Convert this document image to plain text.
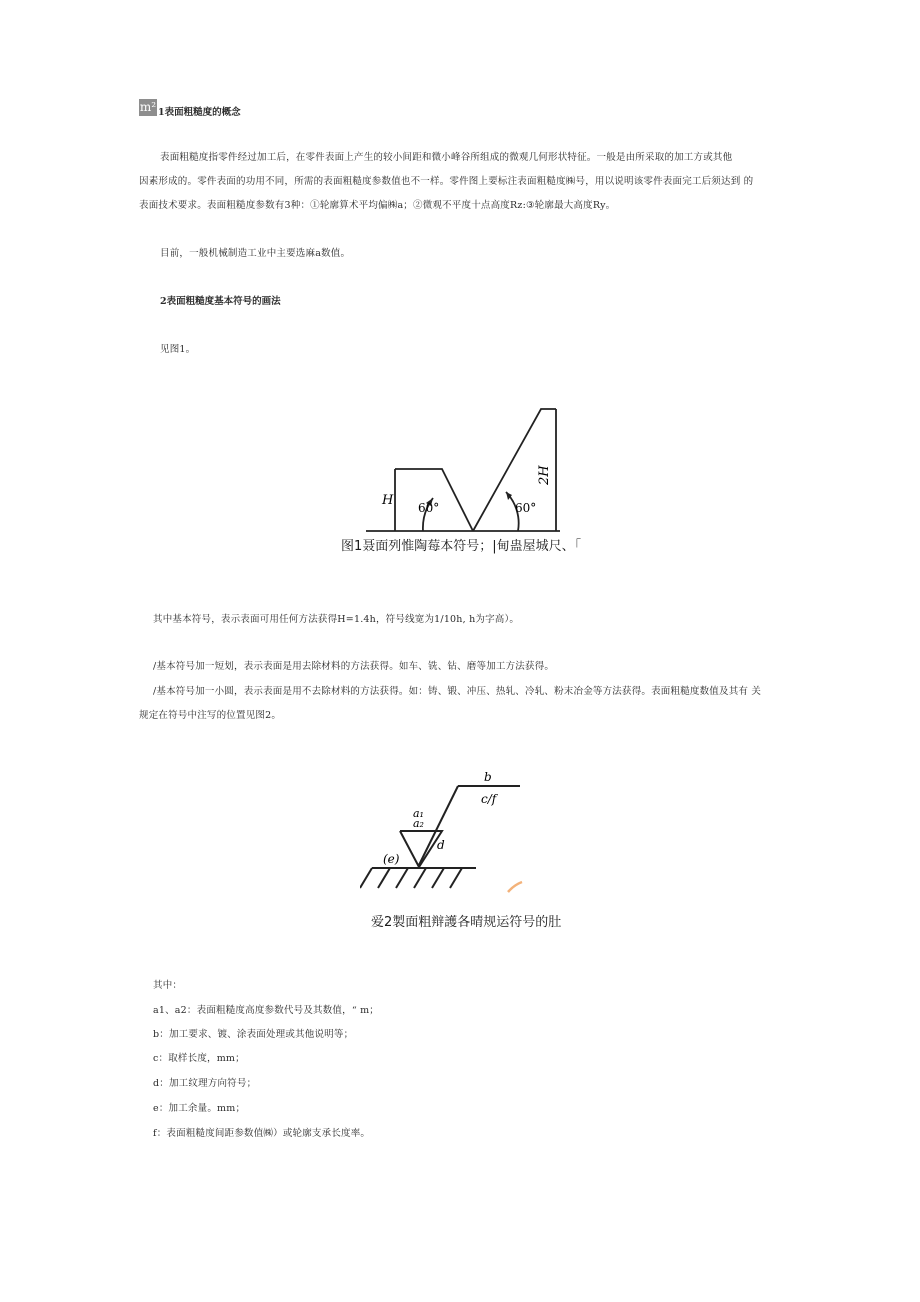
m² 1表面粗糙度的概念
表面粗糙度指零件经过加工后，在零件表面上产生的较小间距和微小峰谷所组成的微观几何形状特征。一般是由所采取的加工方或其他
因素形成的。零件表面的功用不同，所需的表面粗糙度参数值也不一样。零件图上要标注表面粗糙度㈱号，用以说明该零件表面完工后须达到 的
表面技术要求。表面粗糙度参数有3种：①轮廓算术平均偏㈱a；②微观不平度十点高度Rz:③轮廓最大高度Ry。
目前，一般机械制造工业中主要选麻a数值。
2表面粗糙度基本符号的画法
见图1。
H
2H
60°	60°
图1聂面列惟陶莓本符号；|甸蛊屋城尺、「
其中基本符号，表示表面可用任何方法获得H=1.4h，符号线宽为1/10h, h为字高）。
/基本符号加一短划，表示表面是用去除材料的方法获得。如车、铣、钻、磨等加工方法获得。
/基本符号加一小圆，表示表面是用不去除材料的方法获得。如：铸、锻、冲压、热轧、冷轧、粉末冶金等方法获得。表面粗糙度数值及其有 关
规定在符号中注写的位置见图2。
b
c/f
a₁
a₂
d
(e)
爱2製面粗辩護各晴规运符号的肚
其中：
a1、a2：表面粗糙度高度参数代号及其数值，“ m；
b：加工要求、镀、涂表面处理或其他说明等；
c：取样长度，mm；
d：加工纹理方向符号；
e：加工余量。mm；
f：表面粗糙度间距参数值㈱）或轮廓支承长度率。
